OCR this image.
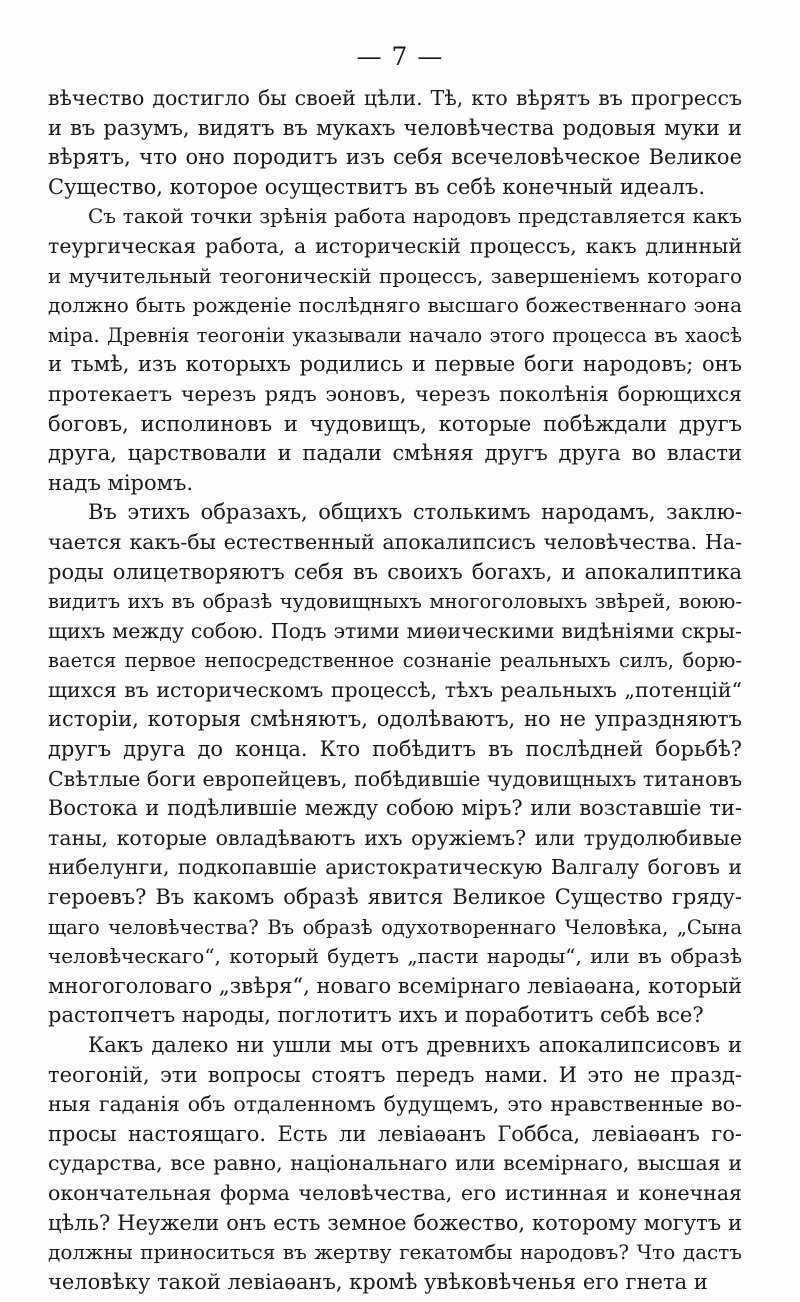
— 7 —
вѣчество достигло бы своей цѣли. Тѣ, кто вѣрятъ въ прогрессъ
и въ разумъ, видятъ въ мукахъ человѣчества родовыя муки и
вѣрятъ, что оно породитъ изъ себя всечеловѣческое Великое
Существо, которое осуществитъ въ себѣ конечный идеалъ.
Съ такой точки зрѣнія работа народовъ представляется какъ
теургическая работа, а историческій процессъ, какъ длинный
и мучительный теогоническій процессъ, завершеніемъ котораго
должно быть рожденіе послѣдняго высшаго божественнаго эона
міра. Древнія теогоніи указывали начало этого процесса въ хаосѣ
и тьмѣ, изъ которыхъ родились и первые боги народовъ; онъ
протекаетъ черезъ рядъ эоновъ, черезъ поколѣнія борющихся
боговъ, исполиновъ и чудовищъ, которые побѣждали другъ
друга, царствовали и падали смѣняя другъ друга во власти
надъ міромъ.
Въ этихъ образахъ, общихъ столькимъ народамъ, заклю-
чается какъ-бы естественный апокалипсисъ человѣчества. На-
роды олицетворяютъ себя въ своихъ богахъ, и апокалиптика
видитъ ихъ въ образѣ чудовищныхъ многоголовыхъ звѣрей, воюю-
щихъ между собою. Подъ этими миѳическими видѣніями скры-
вается первое непосредственное сознаніе реальныхъ силъ, борю-
щихся въ историческомъ процессѣ, тѣхъ реальныхъ „потенцій“
исторіи, которыя смѣняютъ, одолѣваютъ, но не упраздняютъ
другъ друга до конца. Кто побѣдитъ въ послѣдней борьбѣ?
Свѣтлые боги европейцевъ, побѣдившіе чудовищныхъ титановъ
Востока и подѣлившіе между собою міръ? или возставшіе ти-
таны, которые овладѣваютъ ихъ оружіемъ? или трудолюбивые
нибелунги, подкопавшіе аристократическую Валгалу боговъ и
героевъ? Въ какомъ образѣ явится Великое Существо гряду-
щаго человѣчества? Въ образѣ одухотвореннаго Человѣка, „Сына
человѣческаго“, который будетъ „пасти народы“, или въ образѣ
многоголоваго „звѣря“, новаго всемірнаго левіаѳана, который
растопчетъ народы, поглотитъ ихъ и поработитъ себѣ все?
Какъ далеко ни ушли мы отъ древнихъ апокалипсисовъ и
теогоній, эти вопросы стоятъ передъ нами. И это не празд-
ныя гаданія объ отдаленномъ будущемъ, это нравственные во-
просы настоящаго. Есть ли левіаѳанъ Гоббса, левіаѳанъ го-
сударства, все равно, національнаго или всемірнаго, высшая и
окончательная форма человѣчества, его истинная и конечная
цѣль? Неужели онъ есть земное божество, которому могутъ и
должны приноситься въ жертву гекатомбы народовъ? Что дастъ
человѣку такой левіаѳанъ, кромѣ увѣковѣченья его гнета и
